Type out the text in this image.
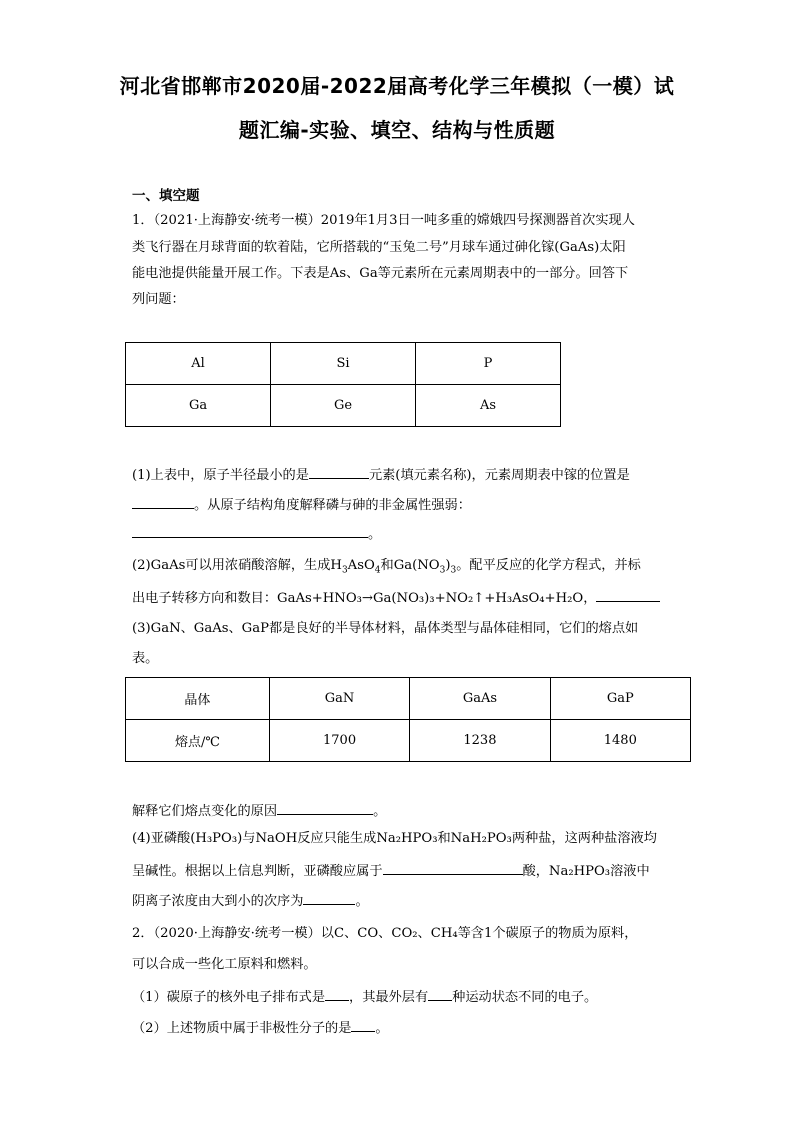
河北省邯郸市2020届-2022届高考化学三年模拟（一模）试
题汇编-实验、填空、结构与性质题
一、填空题
1．（2021·上海静安·统考一模）2019年1月3日一吨多重的嫦娥四号探测器首次实现人
类飞行器在月球背面的软着陆，它所搭载的“玉兔二号”月球车通过砷化镓(GaAs)太阳
能电池提供能量开展工作。下表是As、Ga等元素所在元素周期表中的一部分。回答下
列问题：
Al	Si	P
Ga	Ge	As
(1)上表中，原子半径最小的是	元素(填元素名称)，元素周期表中镓的位置是
。从原子结构角度解释磷与砷的非金属性强弱：
。
(2)GaAs可以用浓硝酸溶解，生成$H_3AsO_4$和$Ga(NO_3)_3$。配平反应的化学方程式，并标
出电子转移方向和数目：GaAs+HNO₃→Ga(NO₃)₃+NO₂↑+H₃AsO₄+H₂O，
(3)GaN、GaAs、GaP都是良好的半导体材料，晶体类型与晶体硅相同，它们的熔点如
表。
晶体	GaN	GaAs	GaP
熔点/℃	1700	1238	1480
解释它们熔点变化的原因	。
(4)亚磷酸(H₃PO₃)与NaOH反应只能生成Na₂HPO₃和NaH₂PO₃两种盐，这两种盐溶液均
呈碱性。根据以上信息判断，亚磷酸应属于	酸，Na₂HPO₃溶液中
阴离子浓度由大到小的次序为	。
2．（2020·上海静安·统考一模）以C、CO、CO₂、CH₄等含1个碳原子的物质为原料，
可以合成一些化工原料和燃料。
（1）碳原子的核外电子排布式是 ，其最外层有 种运动状态不同的电子。
（2）上述物质中属于非极性分子的是 。
